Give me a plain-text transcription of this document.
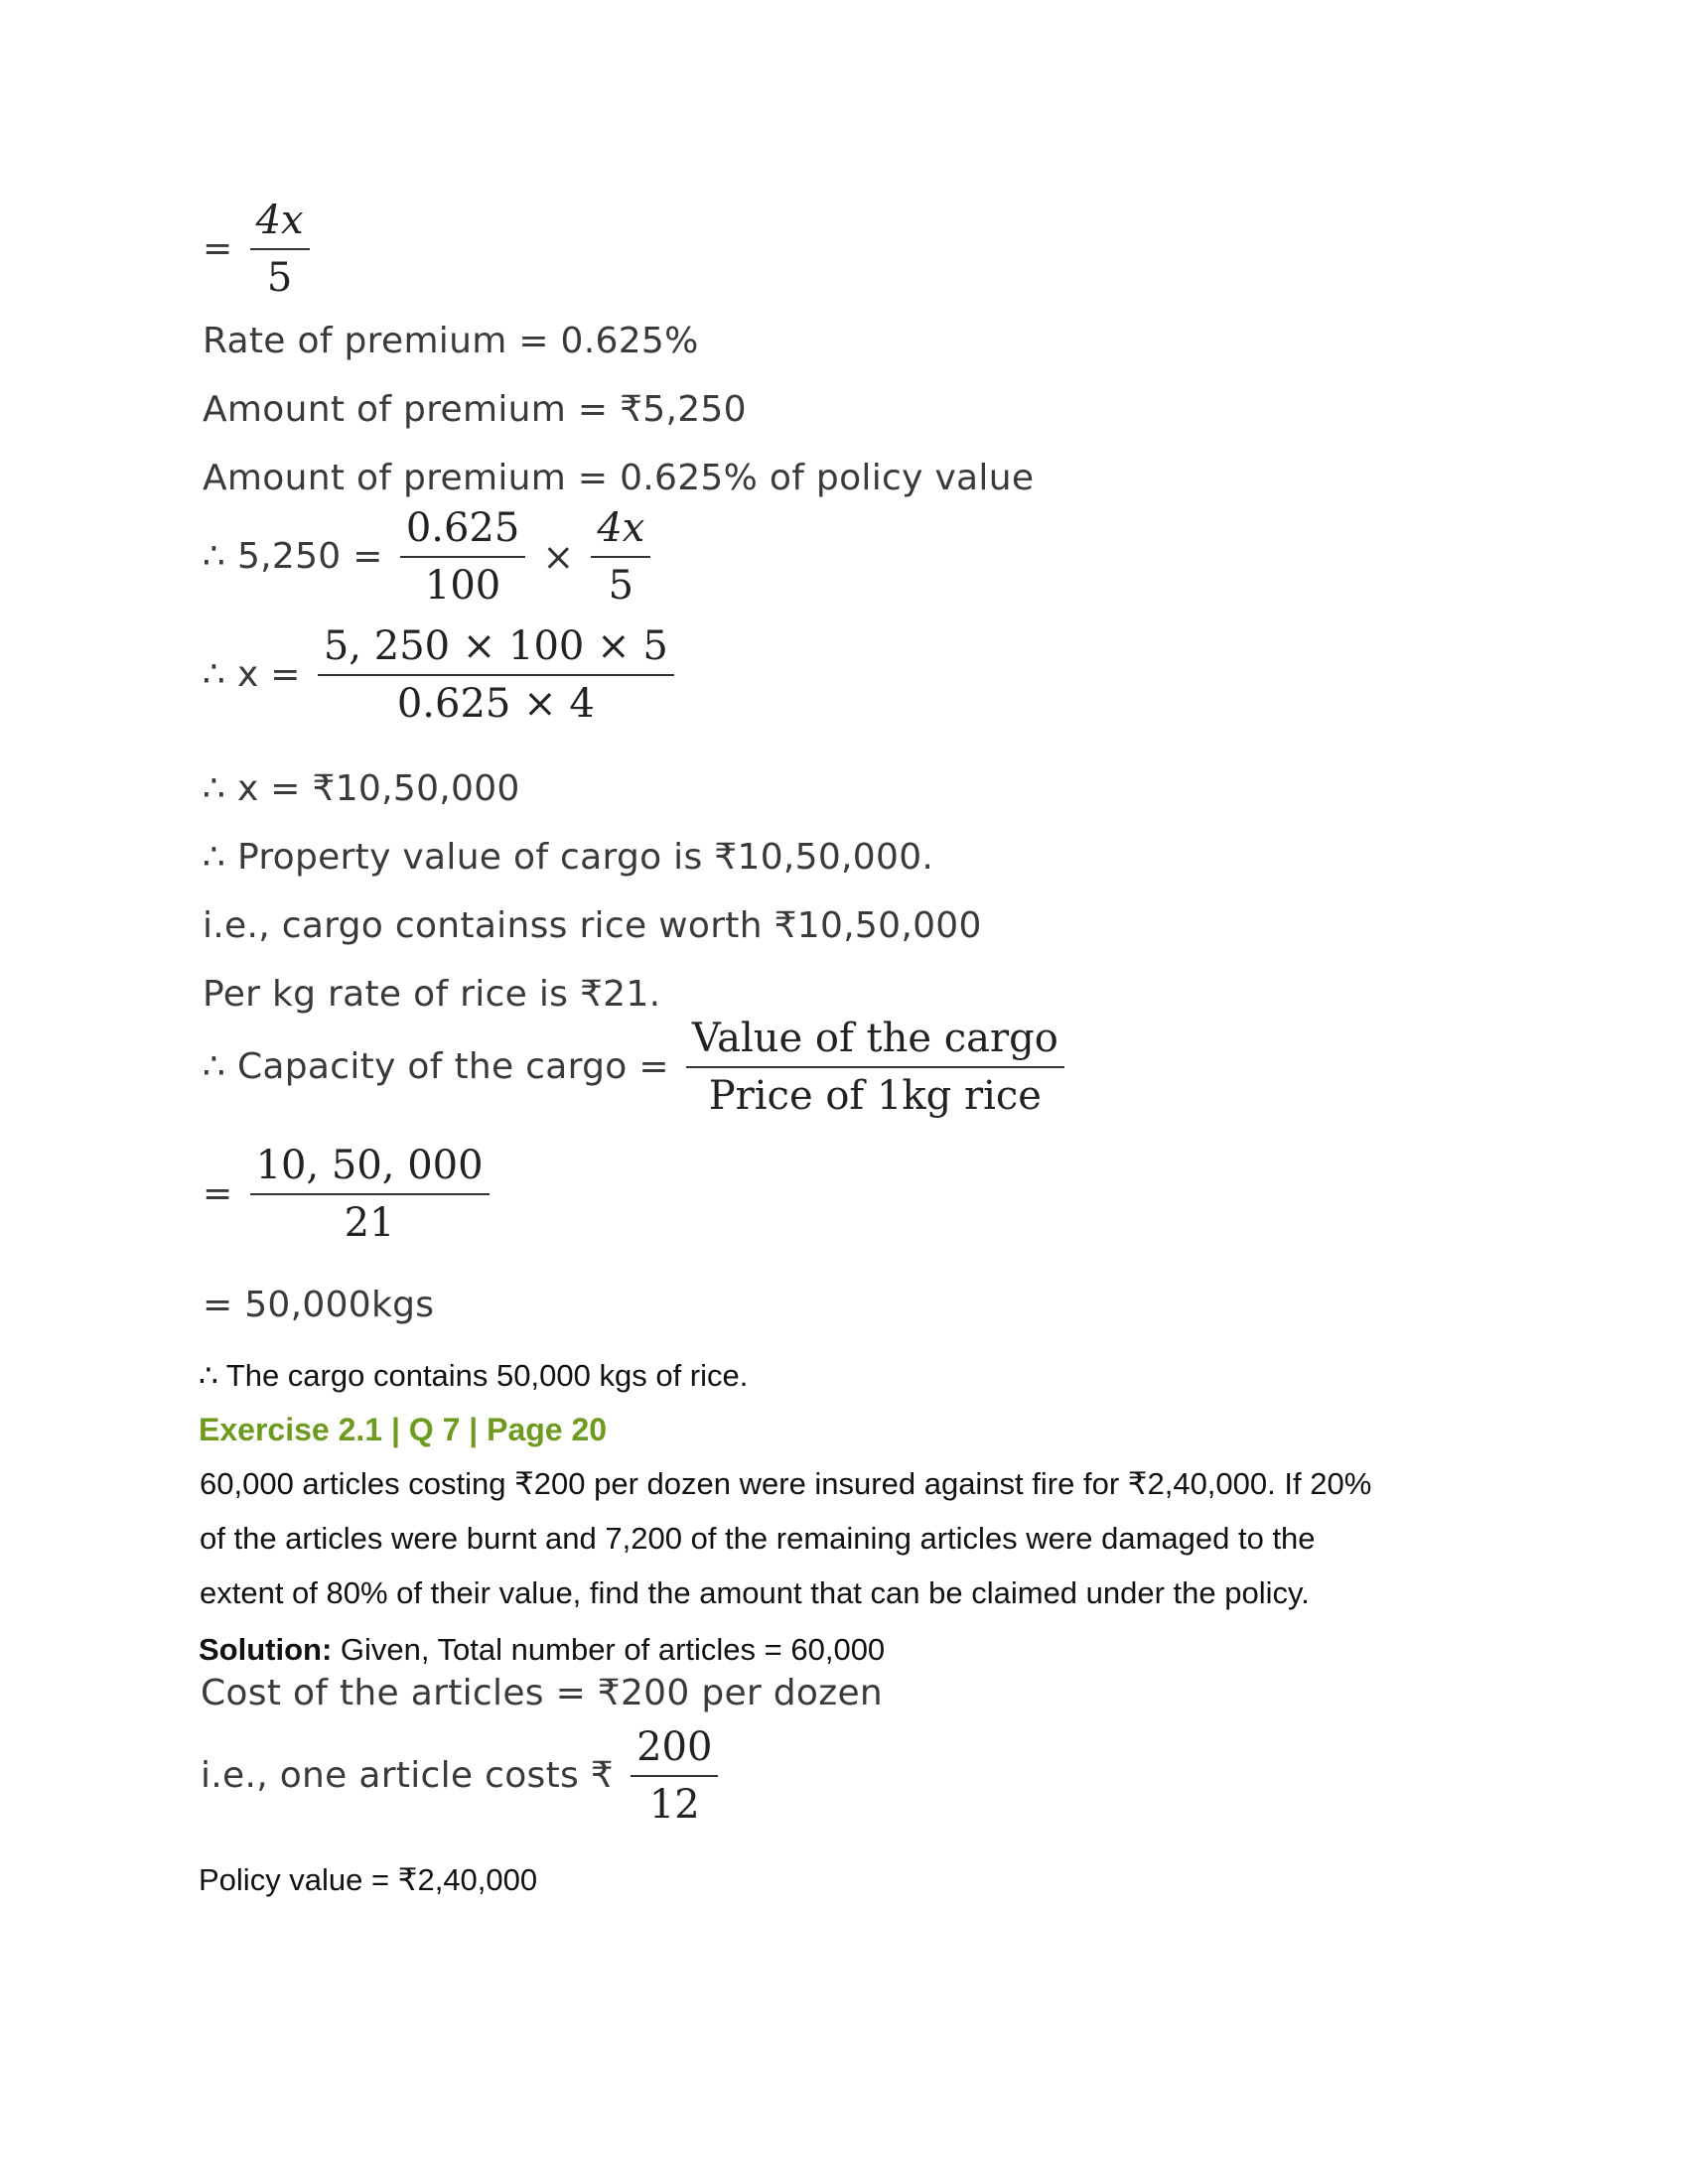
= $\frac{4x}{5}$
Rate of premium = 0.625%
Amount of premium = ₹5,250
Amount of premium = 0.625% of policy value
∴ $5,250 = \frac{0.625}{100} \times \frac{4x}{5}$
∴ $x = \frac{5, 250 \times 100 \times 5}{0.625 \times 4}$
∴ x = ₹10,50,000
∴ Property value of cargo is ₹10,50,000.
i.e., cargo containss rice worth ₹10,50,000
Per kg rate of rice is ₹21.
∴ Capacity of the cargo = $\frac{\text{Value of the cargo}}{\text{Price of 1kg rice}}$
= $\frac{10, 50, 000}{21}$
= 50,000kgs
∴ The cargo contains 50,000 kgs of rice.
Exercise 2.1 | Q 7 | Page 20

60,000 articles costing ₹200 per dozen were insured against fire for ₹2,40,000. If 20%

of the articles were burnt and 7,200 of the remaining articles were damaged to the

extent of 80% of their value, find the amount that can be claimed under the policy.

Solution: Given, Total number of articles = 60,000
Cost of the articles = ₹200 per dozen
i.e., one article costs ₹ $\frac{200}{12}$
Policy value = ₹2,40,000
